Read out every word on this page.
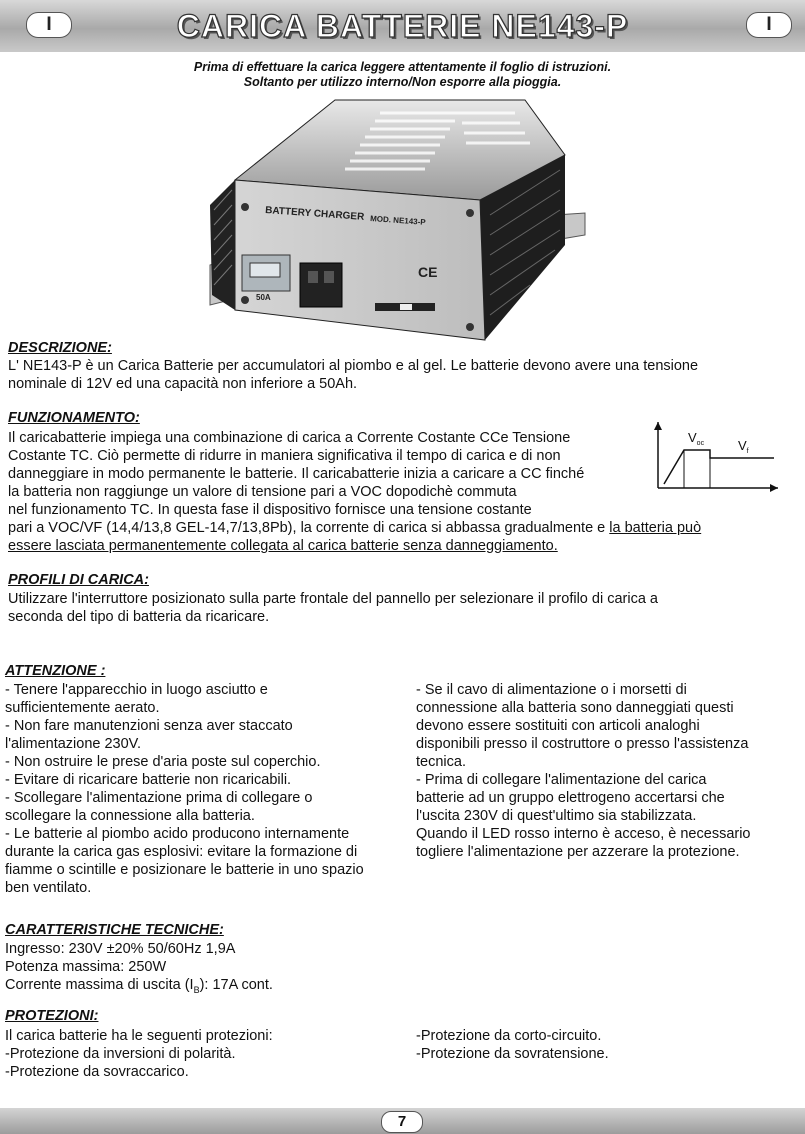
I	CARICA BATTERIE NE143-P	I
Prima di effettuare la carica leggere attentamente il foglio di istruzioni.
Soltanto per utilizzo interno/Non esporre alla pioggia.
BATTERY CHARGER MOD. NE143-P
50A
CE
DESCRIZIONE:
L' NE143-P è un Carica Batterie per accumulatori al piombo e al gel. Le batterie devono avere una tensione
nominale di 12V ed una capacità non inferiore a 50Ah.
FUNZIONAMENTO:
Il caricabatterie impiega una combinazione di carica a Corrente Costante CCe Tensione
Costante TC. Ciò permette di ridurre in maniera significativa il tempo di carica e di non
danneggiare in modo permanente le batterie. Il caricabatterie inizia a caricare a CC finché
la batteria non raggiunge un valore di tensione pari a VOC dopodichè commuta
nel funzionamento TC. In questa fase il dispositivo fornisce una tensione costante
pari a VOC/VF (14,4/13,8 GEL-14,7/13,8Pb), la corrente di carica si abbassa gradualmente e la batteria può
essere lasciata permanentemente collegata al carica batterie senza danneggiamento.
$V_{oc}$	$V_f$
PROFILI DI CARICA:
Utilizzare l'interruttore posizionato sulla parte frontale del pannello per selezionare il profilo di carica a
seconda del tipo di batteria da ricaricare.
ATTENZIONE :
- Tenere l'apparecchio in luogo asciutto e
sufficientemente aerato.
- Non fare manutenzioni senza aver staccato
l'alimentazione 230V.
- Non ostruire le prese d'aria poste sul coperchio.
- Evitare di ricaricare batterie non ricaricabili.
- Scollegare l'alimentazione prima di collegare o
scollegare la connessione alla batteria.
- Le batterie al piombo acido producono internamente
durante la carica gas esplosivi: evitare la formazione di
fiamme o scintille e posizionare le batterie in uno spazio
ben ventilato.
- Se il cavo di alimentazione o i morsetti di
connessione alla batteria sono danneggiati questi
devono essere sostituiti con articoli analoghi
disponibili presso il costruttore o presso l'assistenza
tecnica.
- Prima di collegare l'alimentazione del carica
batterie ad un gruppo elettrogeno accertarsi che
l'uscita 230V di quest'ultimo sia stabilizzata.
Quando il LED rosso interno è acceso, è necessario
togliere l'alimentazione per azzerare la protezione.
CARATTERISTICHE TECNICHE:
Ingresso: 230V ±20% 50/60Hz 1,9A
Potenza massima: 250W
Corrente massima di uscita $(I_B)$: 17A cont.
PROTEZIONI:
Il carica batterie ha le seguenti protezioni:
-Protezione da inversioni di polarità.
-Protezione da sovraccarico.
-Protezione da corto-circuito.
-Protezione da sovratensione.
7
